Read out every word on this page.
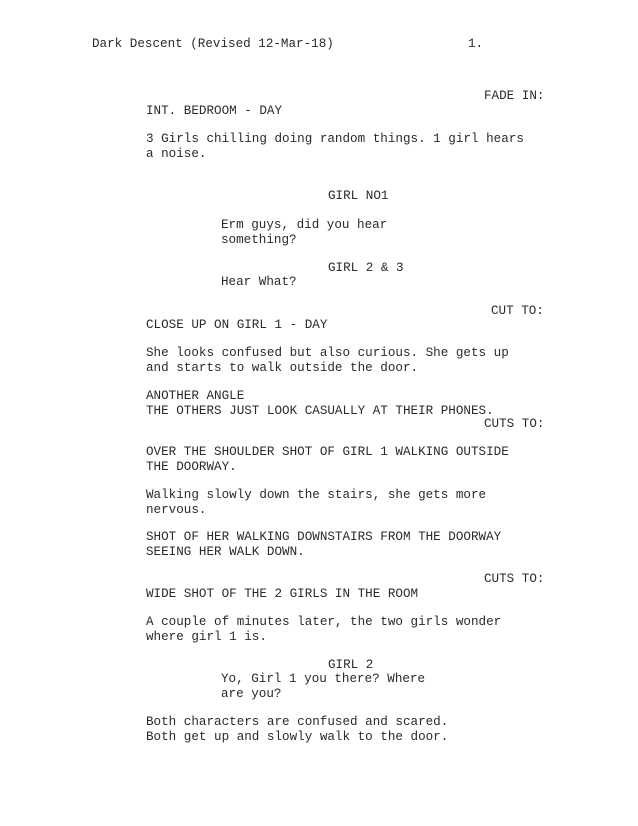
Dark Descent (Revised 12-Mar-18)	1.
FADE IN:
INT. BEDROOM - DAY
3 Girls chilling doing random things. 1 girl hears
a noise.
GIRL NO1
Erm guys, did you hear
something?
GIRL 2 & 3
Hear What?
CUT TO:
CLOSE UP ON GIRL 1 - DAY
She looks confused but also curious. She gets up
and starts to walk outside the door.
ANOTHER ANGLE
THE OTHERS JUST LOOK CASUALLY AT THEIR PHONES.
CUTS TO:
OVER THE SHOULDER SHOT OF GIRL 1 WALKING OUTSIDE
THE DOORWAY.
Walking slowly down the stairs, she gets more
nervous.
SHOT OF HER WALKING DOWNSTAIRS FROM THE DOORWAY
SEEING HER WALK DOWN.
CUTS TO:
WIDE SHOT OF THE 2 GIRLS IN THE ROOM
A couple of minutes later, the two girls wonder
where girl 1 is.
GIRL 2
Yo, Girl 1 you there? Where
are you?
Both characters are confused and scared.
Both get up and slowly walk to the door.
